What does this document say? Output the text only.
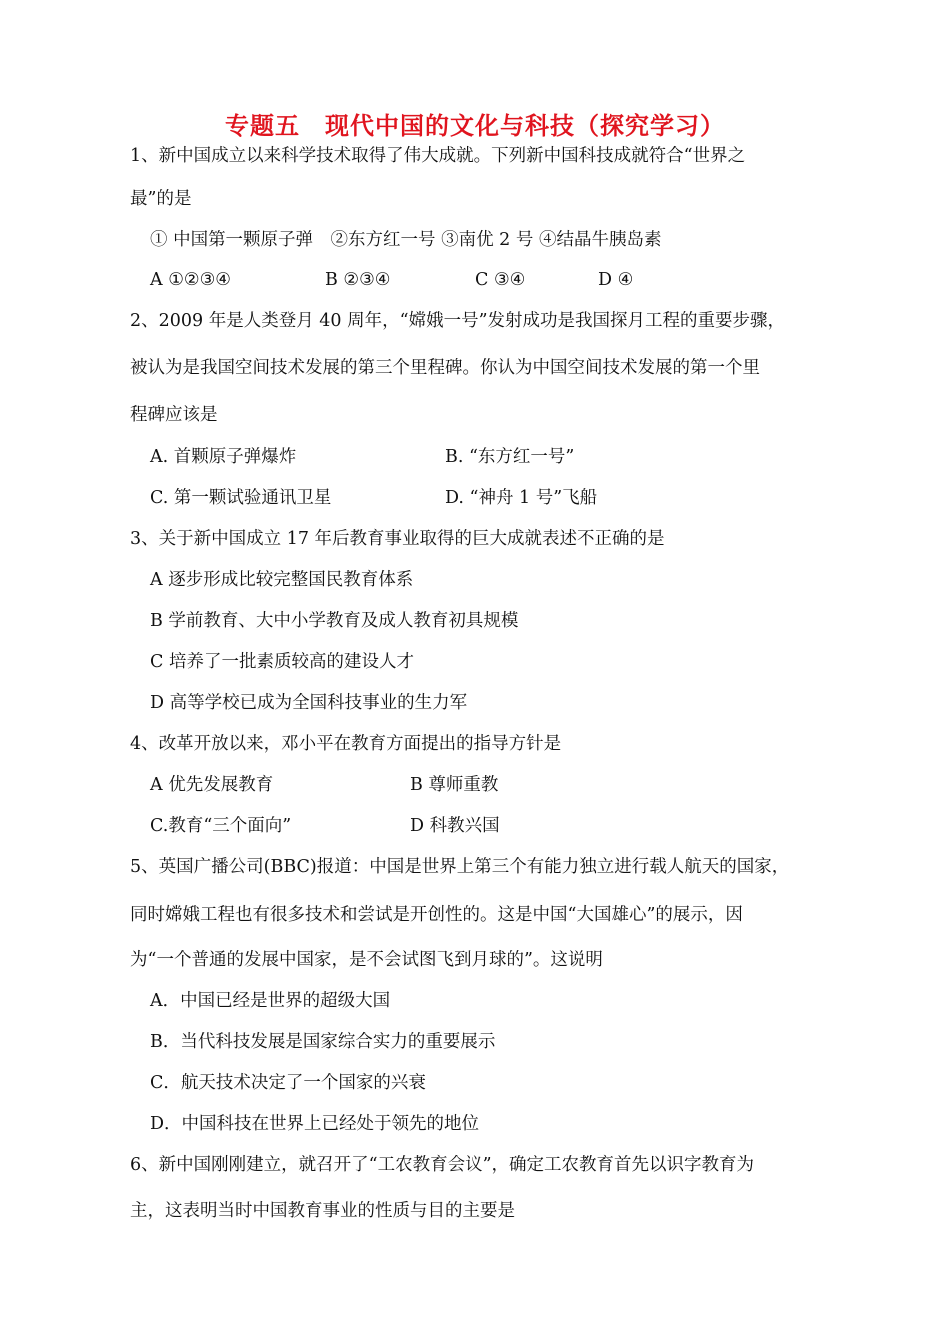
专题五　现代中国的文化与科技（探究学习）
1、新中国成立以来科学技术取得了伟大成就。下列新中国科技成就符合“世界之
最”的是
① 中国第一颗原子弹　②东方红一号 ③南优 2 号 ④结晶牛胰岛素
A ①②③④	B ②③④	C ③④	D ④
2、2009 年是人类登月 40 周年，“嫦娥一号”发射成功是我国探月工程的重要步骤，
被认为是我国空间技术发展的第三个里程碑。你认为中国空间技术发展的第一个里
程碑应该是
A. 首颗原子弹爆炸	B. “东方红一号”
C. 第一颗试验通讯卫星	D. “神舟 1 号”飞船
3、关于新中国成立 17 年后教育事业取得的巨大成就表述不正确的是
A 逐步形成比较完整国民教育体系
B 学前教育、大中小学教育及成人教育初具规模
C 培养了一批素质较高的建设人才
D 高等学校已成为全国科技事业的生力军
4、改革开放以来，邓小平在教育方面提出的指导方针是
A 优先发展教育	B 尊师重教
C.教育“三个面向”	D 科教兴国
5、英国广播公司(BBC)报道：中国是世界上第三个有能力独立进行载人航天的国家，
同时嫦娥工程也有很多技术和尝试是开创性的。这是中国“大国雄心”的展示，因
为“一个普通的发展中国家，是不会试图飞到月球的”。这说明
A．中国已经是世界的超级大国
B．当代科技发展是国家综合实力的重要展示
C．航天技术决定了一个国家的兴衰
D．中国科技在世界上已经处于领先的地位
6、新中国刚刚建立，就召开了“工农教育会议”，确定工农教育首先以识字教育为
主，这表明当时中国教育事业的性质与目的主要是
